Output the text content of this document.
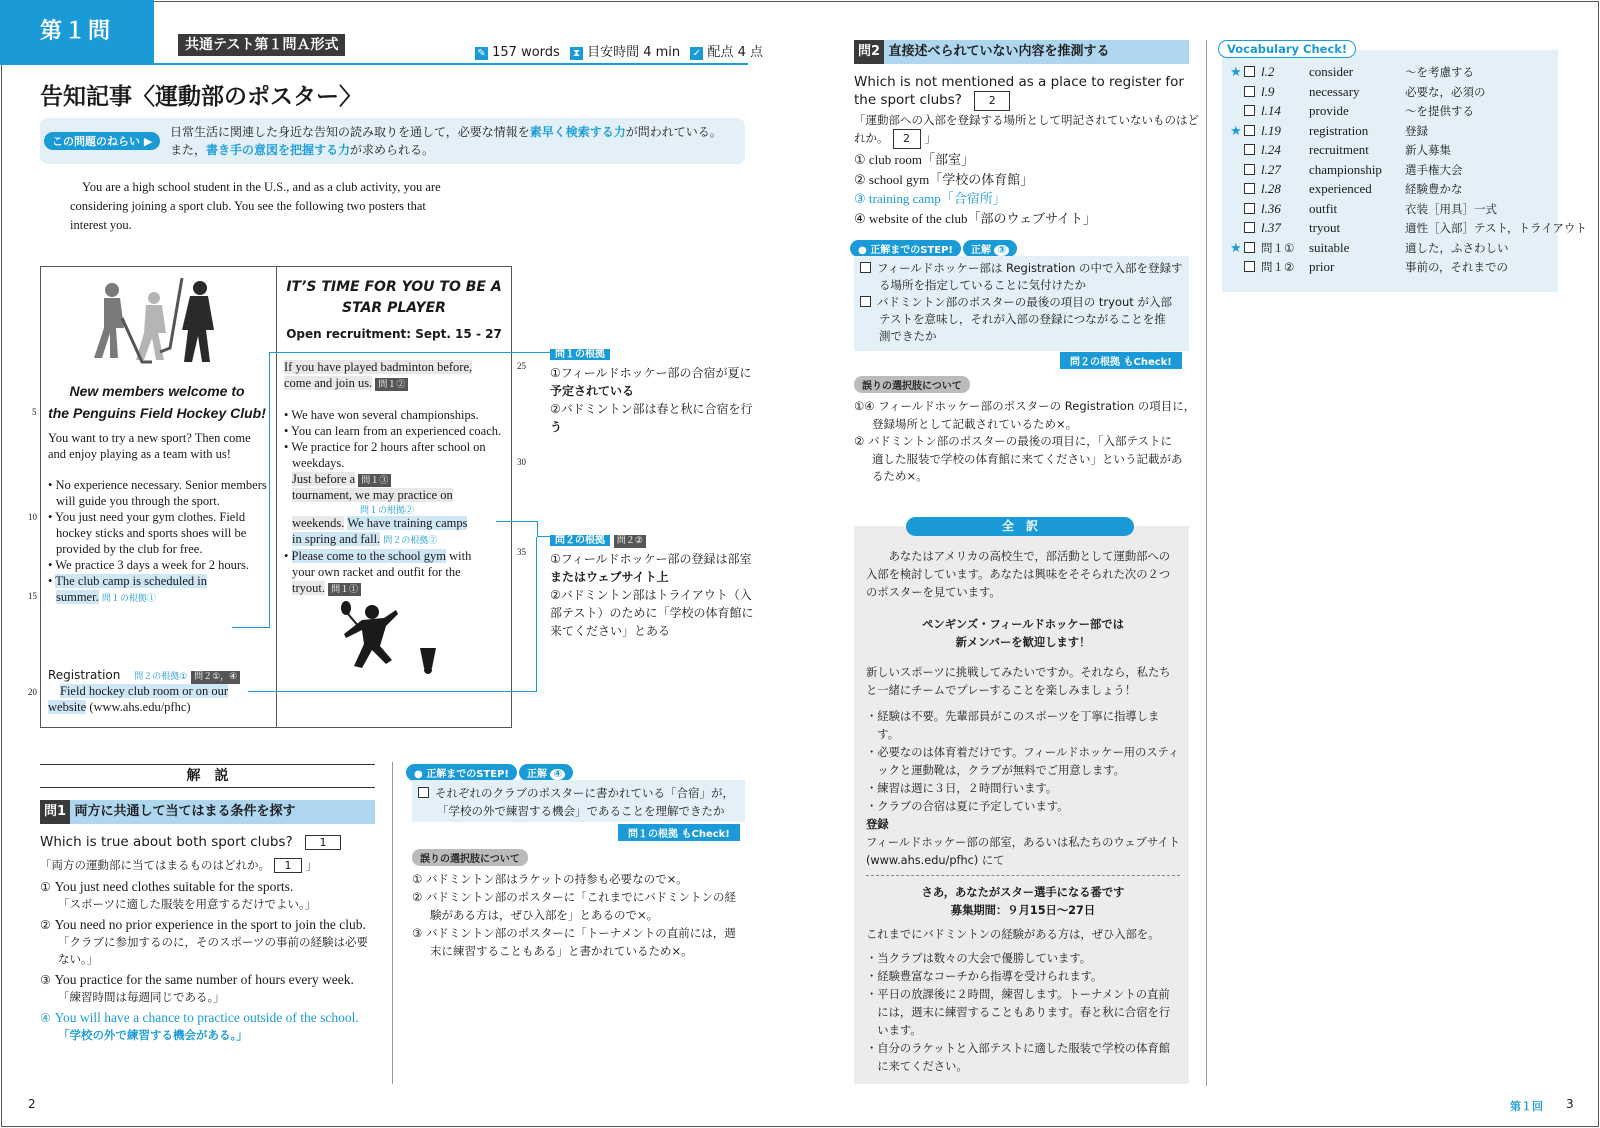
第１問
共通テスト第１問Ａ形式
✎ 157 words ⧗ 目安時間 4 min ✓ 配点 4 点
告知記事〈運動部のポスター〉
この問題のねらい ▶
日常生活に関連した身近な告知の読み取りを通して，必要な情報を素早く検索する力が問われている。
また，書き手の意図を把握する力が求められる。
You are a high school student in the U.S., and as a club activity, you are
considering joining a sport club. You see the following two posters that
interest you.
New members welcome to
the Penguins Field Hockey Club!
You want to try a new sport? Then come and enjoy playing as a team with us!
• No experience necessary. Senior members will guide you through the sport.
• You just need your gym clothes. Field hockey sticks and sports shoes will be provided by the club for free.
• We practice 3 days a week for 2 hours.
• The club camp is scheduled in
summer. 問１の根拠①
Registration 問２の根拠① 問２①，④
Field hockey club room or on our
website (www.ahs.edu/pfhc)
IT’S TIME FOR YOU TO BE A
STAR PLAYER
Open recruitment: Sept. 15 - 27
If you have played badminton before,
come and join us. 問１②
• We have won several championships.
• You can learn from an experienced coach.
• We practice for 2 hours after school on weekdays.
Just before a 問１③
tournament, we may practice on
問１の根拠②
weekends. We have training camps
in spring and fall. 問２の根拠②
• Please come to the school gym with
your own racket and outfit for the
tryout. 問１①
5
10
15
20
25
30
35
問１の根拠
①フィールドホッケー部の合宿が夏に
予定されている
②バドミントン部は春と秋に合宿を行
う
問２の根拠 問２②
①フィールドホッケー部の登録は部室
またはウェブサイト上
②バドミントン部はトライアウト（入
部テスト）のために「学校の体育館に
来てください」とある
解　説
問1 両方に共通して当てはまる条件を探す
Which is true about both sport clubs? 1
「両方の運動部に当てはまるものはどれか。 1 」
① You just need clothes suitable for the sports.
「スポーツに適した服装を用意するだけでよい。」
② You need no prior experience in the sport to join the club.
「クラブに参加するのに，そのスポーツの事前の経験は必要ない。」
③ You practice for the same number of hours every week.
「練習時間は毎週同じである。」
④ You will have a chance to practice outside of the school.
「学校の外で練習する機会がある。」
● 正解までのSTEP! 正解 ④
それぞれのクラブのポスターに書かれている「合宿」が，
「学校の外で練習する機会」であることを理解できたか
問１の根拠 もCheck!
誤りの選択肢について
① バドミントン部はラケットの持参も必要なので×。
② バドミントン部のポスターに「これまでにバドミントンの経
験がある方は，ぜひ入部を」とあるので×。
③ バドミントン部のポスターに「トーナメントの直前には，週
末に練習することもある」と書かれているため×。
2
問2 直接述べられていない内容を推測する
Which is not mentioned as a place to register for
the sport clubs? 2
「運動部への入部を登録する場所として明記されていないものはど
れか。 2 」
① club room「部室」
② school gym「学校の体育館」
③ training camp「合宿所」
④ website of the club「部のウェブサイト」
● 正解までのSTEP! 正解 ③
フィールドホッケー部は Registration の中で入部を登録す
る場所を指定していることに気付けたか
バドミントン部のポスターの最後の項目の tryout が入部
テストを意味し，それが入部の登録につながることを推
測できたか
問２の根拠 もCheck!
誤りの選択肢について
①④ フィールドホッケー部のポスターの Registration の項目に，
登録場所として記載されているため×。
② バドミントン部のポスターの最後の項目に，「入部テストに
適した服装で学校の体育館に来てください」という記載があ
るため×。
全　訳
あなたはアメリカの高校生で，部活動として運動部への入部を検討しています。あなたは興味をそそられた次の２つのポスターを見ています。
ペンギンズ・フィールドホッケー部では
新メンバーを歓迎します！
新しいスポーツに挑戦してみたいですか。それなら，私たちと一緒にチームでプレーすることを楽しみましょう！
・経験は不要。先輩部員がこのスポーツを丁寧に指導します。
・必要なのは体育着だけです。フィールドホッケー用のスティックと運動靴は，クラブが無料でご用意します。
・練習は週に３日，２時間行います。
・クラブの合宿は夏に予定しています。
登録
フィールドホッケー部の部室，あるいは私たちのウェブサイト (www.ahs.edu/pfhc) にて
さあ，あなたがスター選手になる番です
募集期間：９月15日〜27日
これまでにバドミントンの経験がある方は，ぜひ入部を。
・当クラブは数々の大会で優勝しています。
・経験豊富なコーチから指導を受けられます。
・平日の放課後に２時間，練習します。トーナメントの直前には，週末に練習することもあります。春と秋に合宿を行います。
・自分のラケットと入部テストに適した服装で学校の体育館に来てください。
Vocabulary Check!
★ l.2	consider	〜を考慮する
l.9	necessary	必要な，必須の
l.14 provide	〜を提供する
★ l.19 registration	登録
l.24 recruitment	新人募集
l.27 championship 選手権大会
l.28 experienced	経験豊かな
l.36 outfit	衣装［用具］一式
l.37 tryout	適性［入部］テスト，トライアウト
★ 問１① suitable	適した，ふさわしい
問１② prior	事前の，それまでの
第１回 3
